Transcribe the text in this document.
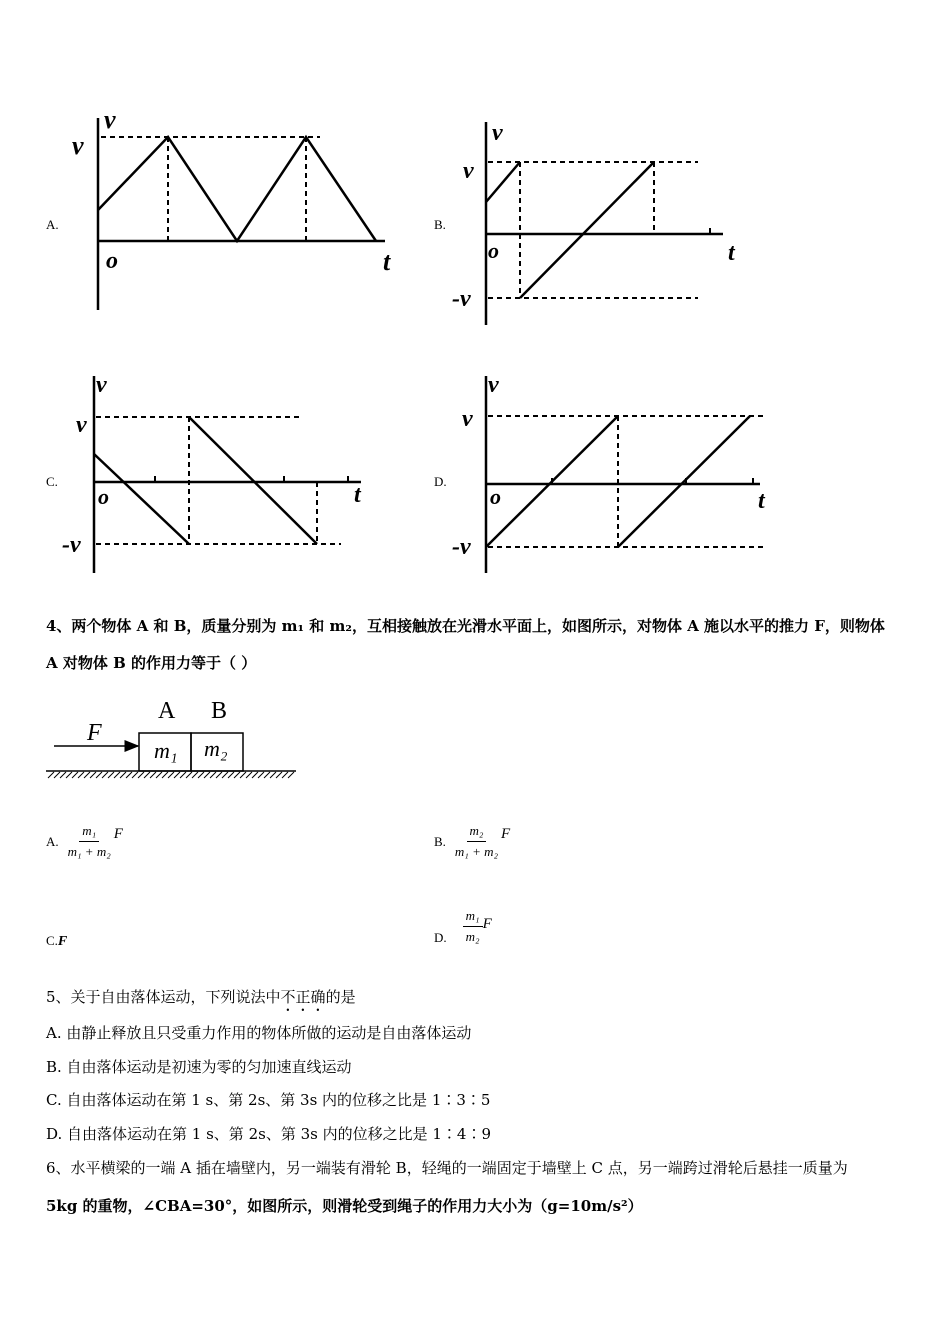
A.
v
v
o	t
B.
v
v
-v
o	t
C.
v
v
-v
o	t
D.
v
v
-v
o	t
4、两个物体 A 和 B，质量分别为 m₁ 和 m₂，互相接触放在光滑水平面上，如图所示，对物体 A 施以水平的推力 F，则物体
A 对物体 B 的作用力等于（ ）
F
A B
m₁ m₂
A. $\frac{\text{m₁}}{\text{m₁ + m₂}}$ F	B. $\frac{\text{m₂}}{\text{m₁ + m₂}}$ F
C.F	D. $\frac{\text{m₁}}{\text{m₂}}$ F
5、关于自由落体运动，下列说法中不正确的是
A. 由静止释放且只受重力作用的物体所做的运动是自由落体运动
B. 自由落体运动是初速为零的匀加速直线运动
C. 自由落体运动在第 1 s、第 2s、第 3s 内的位移之比是 1∶3∶5
D. 自由落体运动在第 1 s、第 2s、第 3s 内的位移之比是 1∶4∶9
6、水平横梁的一端 A 插在墙壁内，另一端装有滑轮 B，轻绳的一端固定于墙壁上 C 点，另一端跨过滑轮后悬挂一质量为
5kg 的重物，∠CBA=30°，如图所示，则滑轮受到绳子的作用力大小为（g=10m/s²）
